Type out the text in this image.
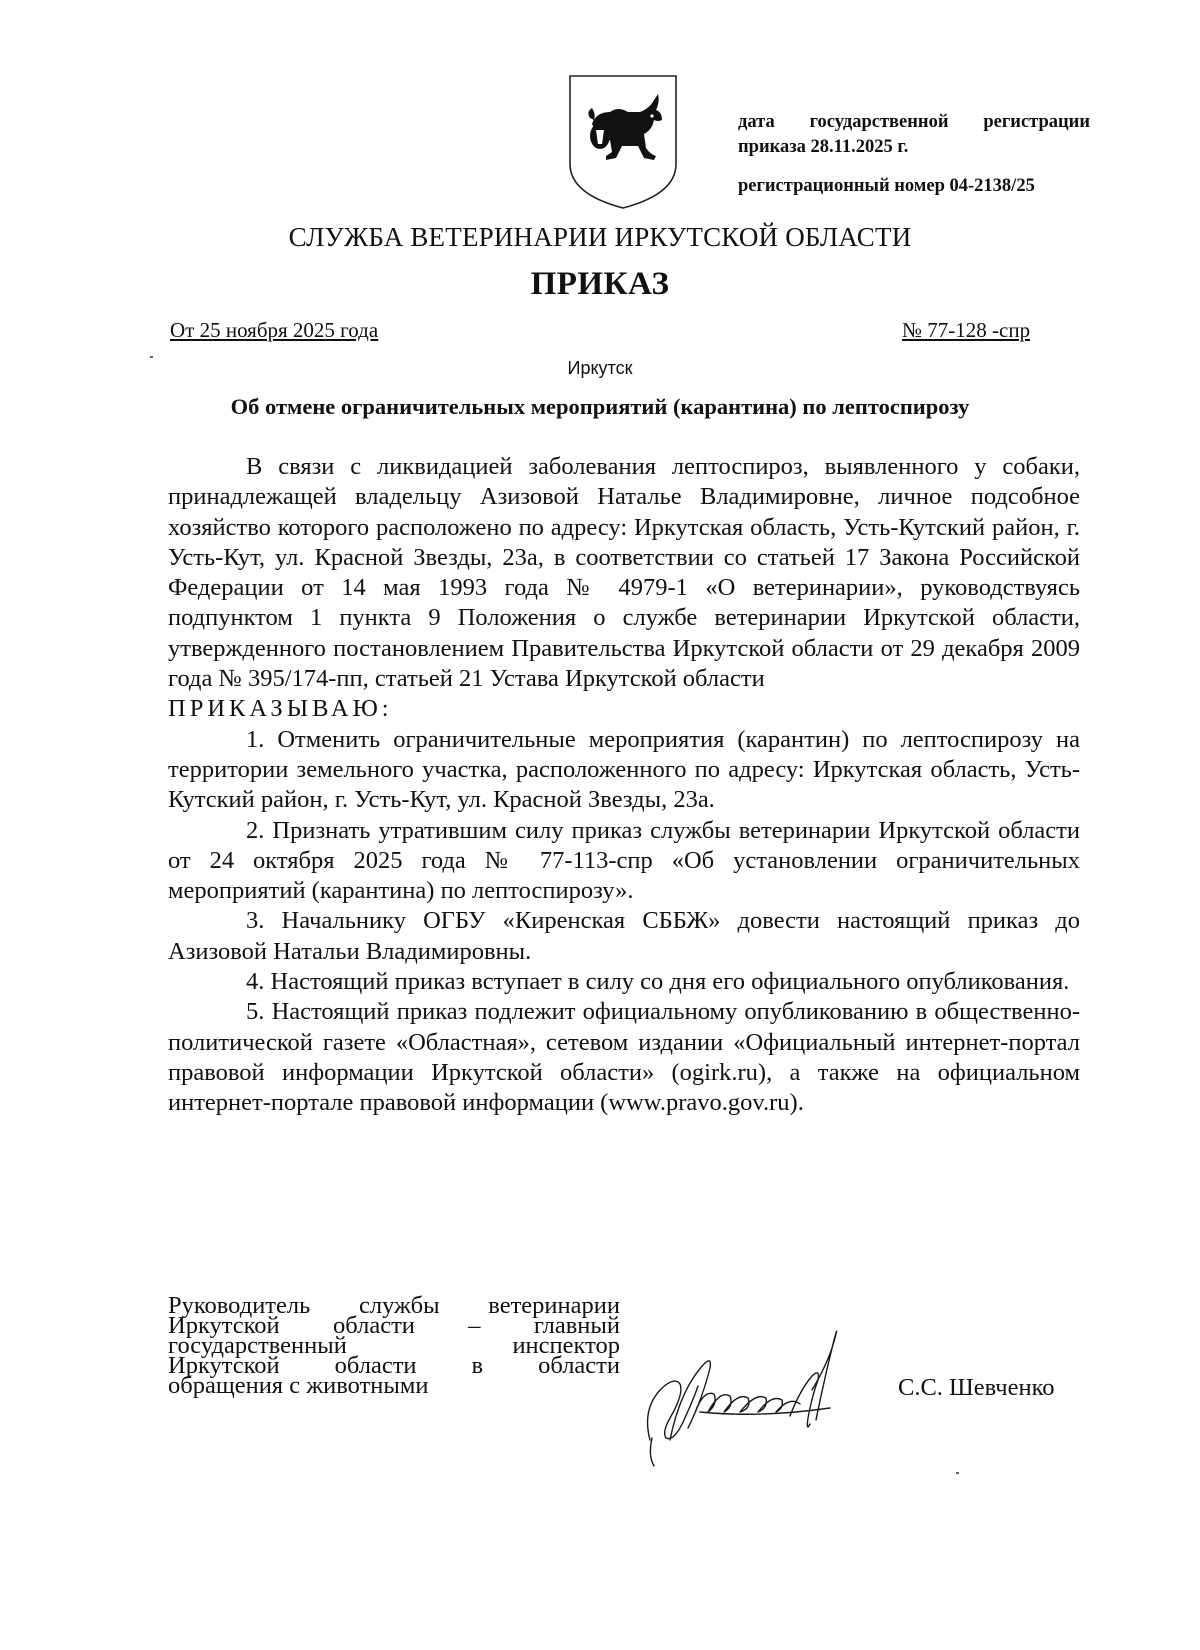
дата государственной регистрации
приказа 28.11.2025 г.
регистрационный номер 04-2138/25
СЛУЖБА ВЕТЕРИНАРИИ ИРКУТСКОЙ ОБЛАСТИ
ПРИКАЗ
От 25 ноября 2025 года	№ 77-128 -спр
Иркутск
Об отмене ограничительных мероприятий (карантина) по лептоспирозу

В связи с ликвидацией заболевания лептоспироз, выявленного у собаки, принадлежащей владельцу Азизовой Наталье Владимировне, личное подсобное хозяйство которого расположено по адресу: Иркутская область, Усть-Кутский район, г. Усть-Кут, ул. Красной Звезды, 23а, в соответствии со статьей 17 Закона Российской Федерации от 14 мая 1993 года № 4979-1 «О ветеринарии», руководствуясь подпунктом 1 пункта 9 Положения о службе ветеринарии Иркутской области, утвержденного постановлением Правительства Иркутской области от 29 декабря 2009 года № 395/174-пп, статьей 21 Устава Иркутской области

ПРИКАЗЫВАЮ:

1. Отменить ограничительные мероприятия (карантин) по лептоспирозу на территории земельного участка, расположенного по адресу: Иркутская область, Усть-Кутский район, г. Усть-Кут, ул. Красной Звезды, 23а.

2. Признать утратившим силу приказ службы ветеринарии Иркутской области от 24 октября 2025 года № 77-113-спр «Об установлении ограничительных мероприятий (карантина) по лептоспирозу».

3. Начальнику ОГБУ «Киренская СББЖ» довести настоящий приказ до Азизовой Натальи Владимировны.

4. Настоящий приказ вступает в силу со дня его официального опубликования.

5. Настоящий приказ подлежит официальному опубликованию в общественно-политической газете «Областная», сетевом издании «Официальный интернет-портал правовой информации Иркутской области» (ogirk.ru), а также на официальном интернет-портале правовой информации (www.pravo.gov.ru).

Руководитель службы ветеринарии
Иркутской области – главный
государственный инспектор
Иркутской области в области
обращения с животными	С.С. Шевченко
